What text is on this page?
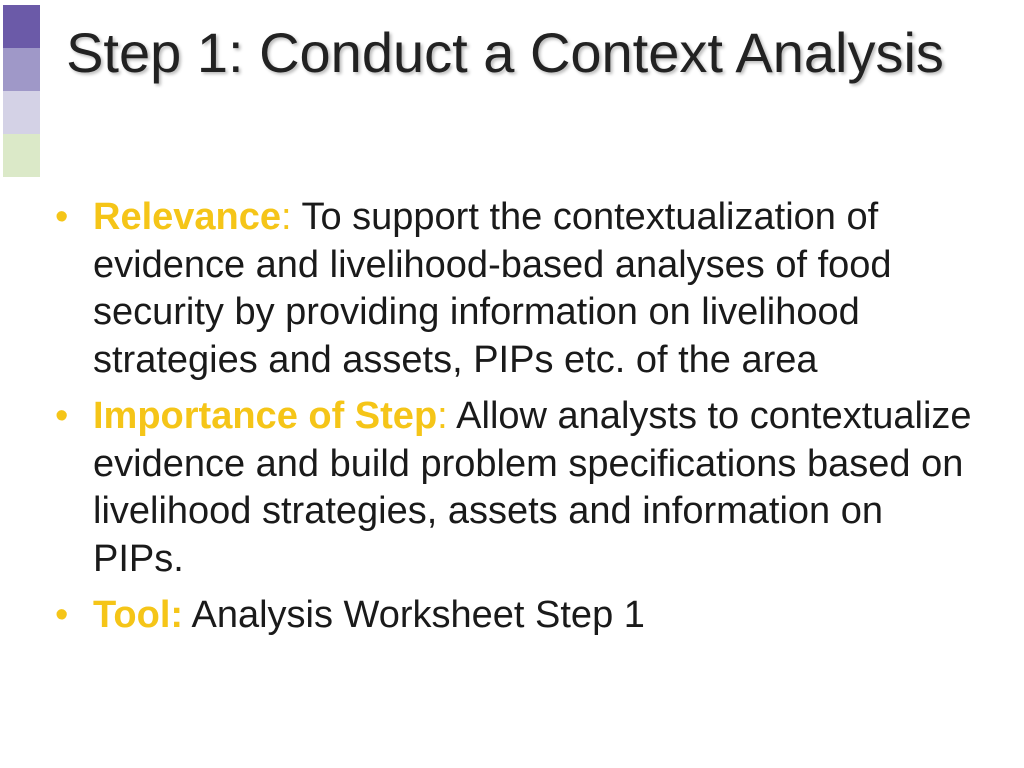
Step 1: Conduct a Context Analysis
• Relevance: To support the contextualization of evidence and livelihood-based analyses of food security by providing information on livelihood strategies and assets, PIPs etc. of the area
• Importance of Step: Allow analysts to contextualize evidence and build problem specifications based on livelihood strategies, assets and information on PIPs.
• Tool: Analysis Worksheet Step 1
